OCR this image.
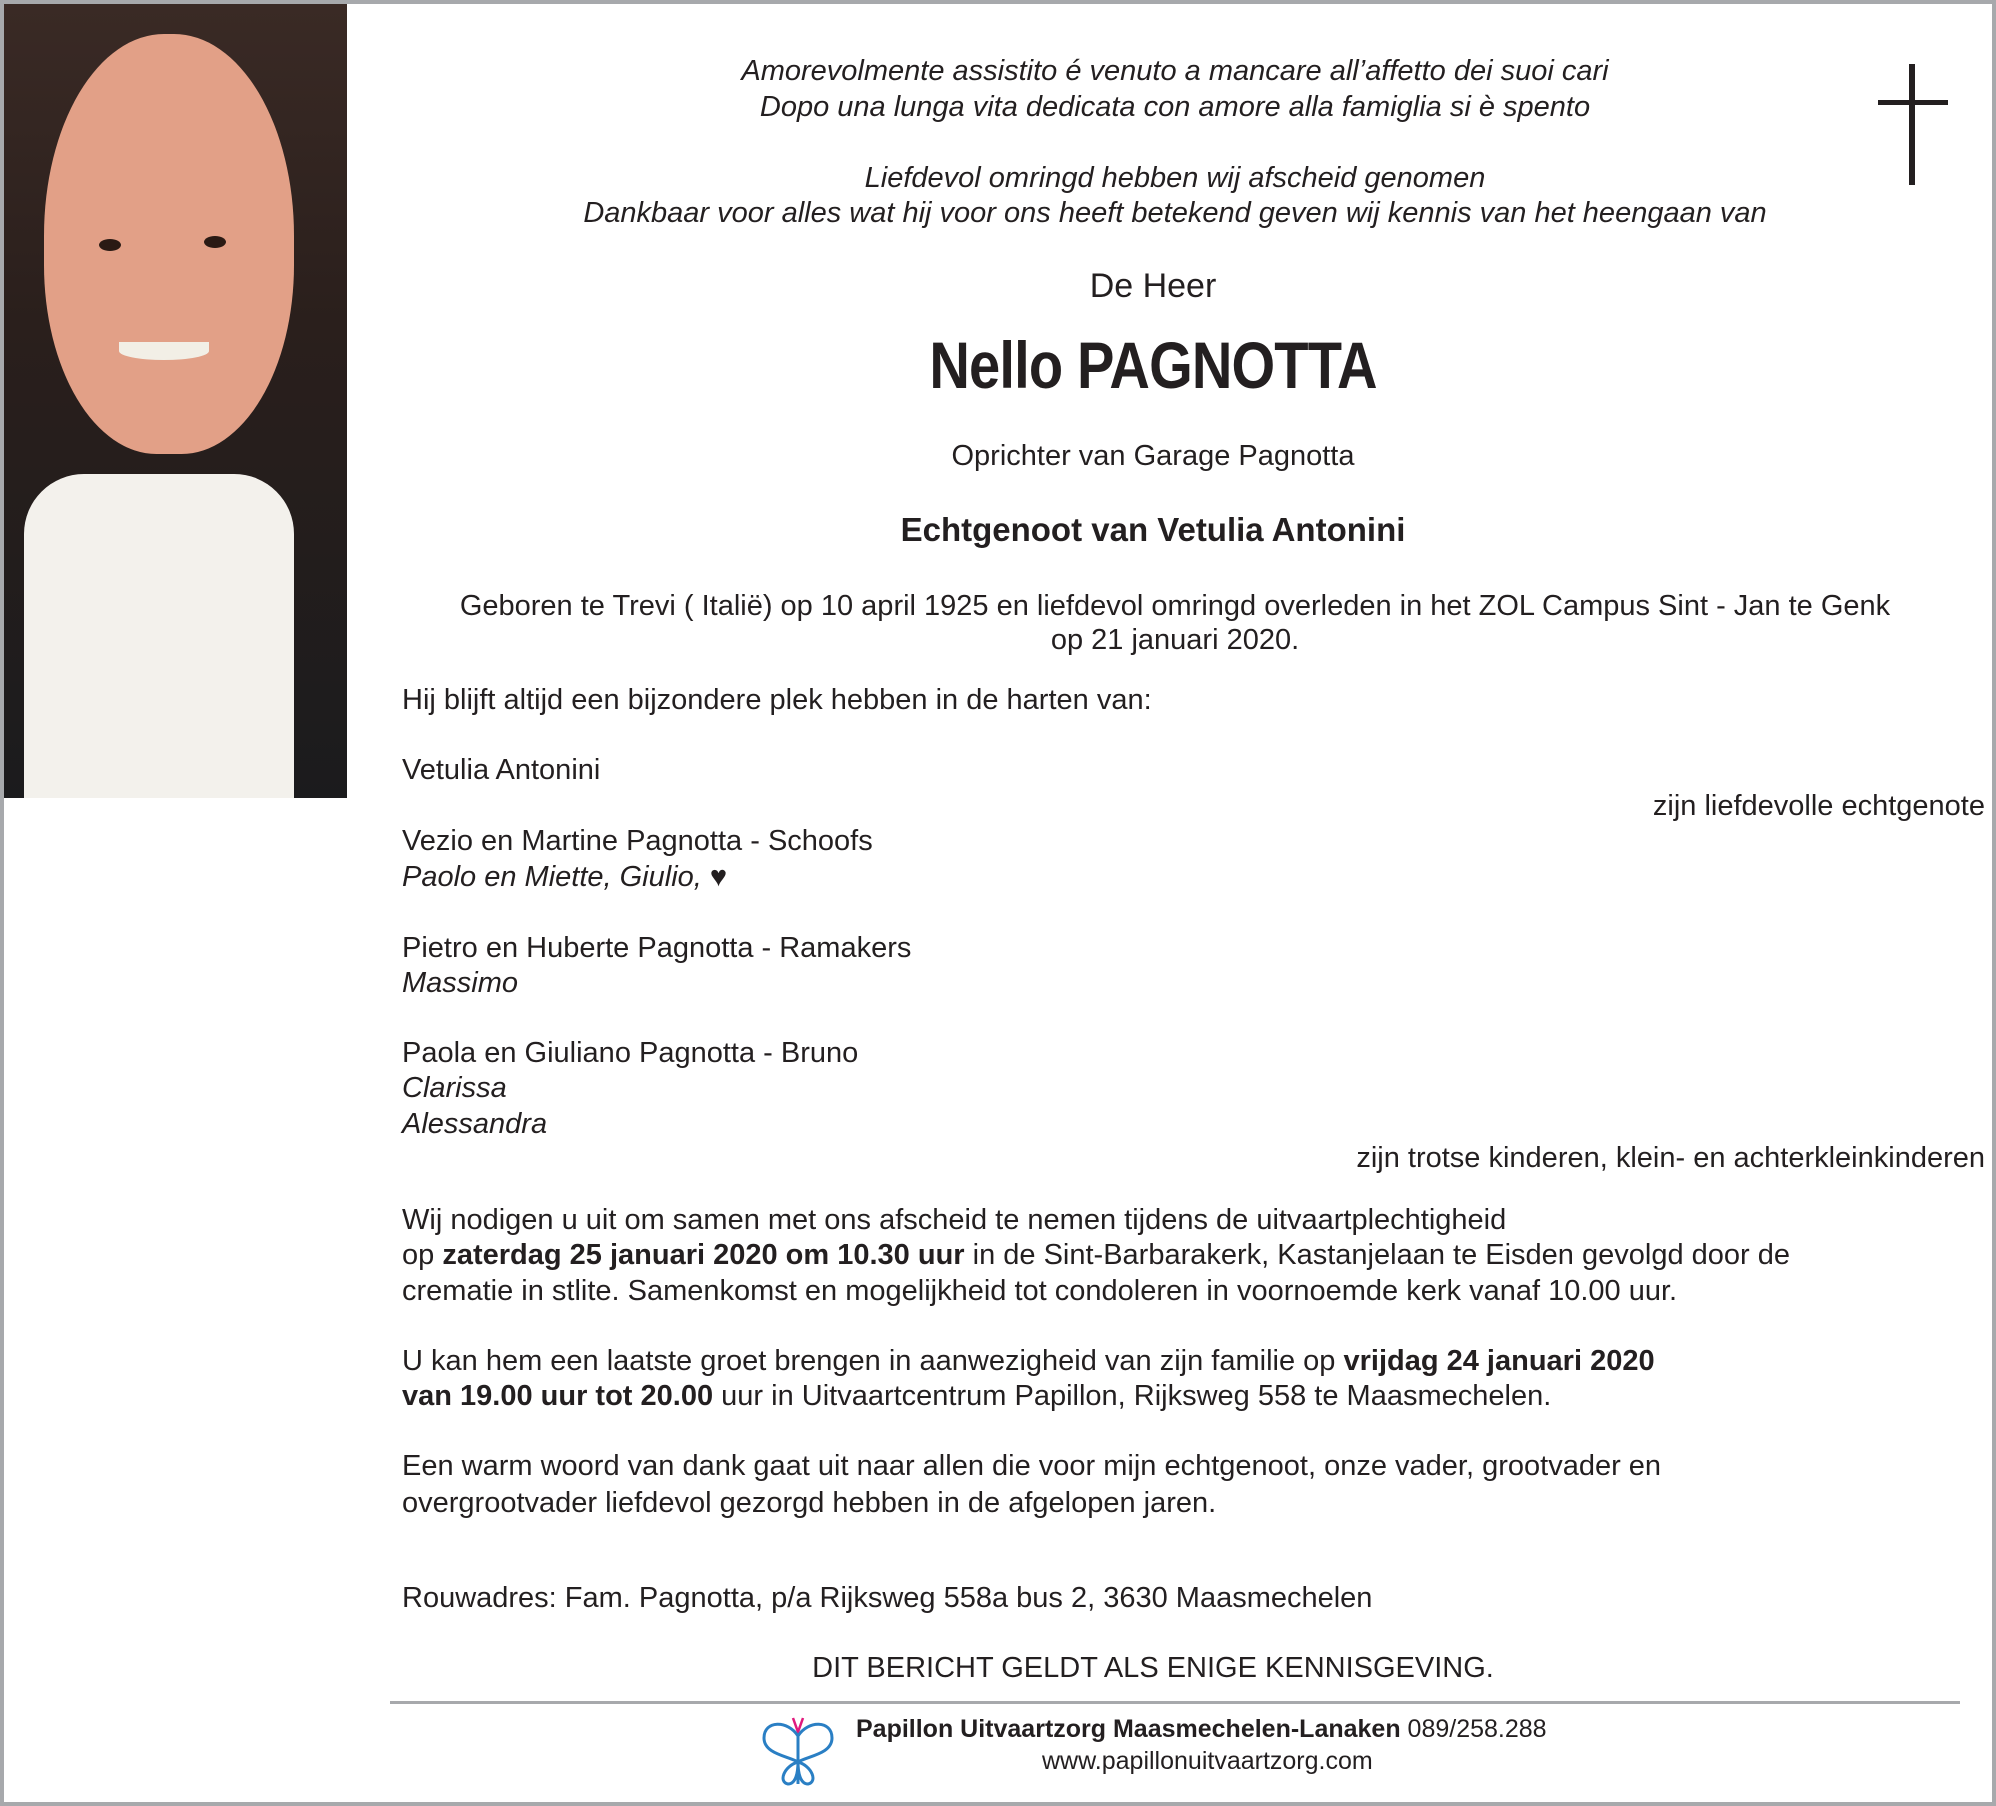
Amorevolmente assistito é venuto a mancare all’affetto dei suoi cari
Dopo una lunga vita dedicata con amore alla famiglia si è spento
Liefdevol omringd hebben wij afscheid genomen
Dankbaar voor alles wat hij voor ons heeft betekend geven wij kennis van het heengaan van
De Heer
Nello PAGNOTTA
Oprichter van Garage Pagnotta
Echtgenoot van Vetulia Antonini
Geboren te Trevi ( Italië) op 10 april 1925 en liefdevol omringd overleden in het ZOL Campus Sint - Jan te Genk
op 21 januari 2020.
Hij blijft altijd een bijzondere plek hebben in de harten van:
Vetulia Antonini
zijn liefdevolle echtgenote
Vezio en Martine Pagnotta - Schoofs
Paolo en Miette, Giulio, ♥
Pietro en Huberte Pagnotta - Ramakers
Massimo
Paola en Giuliano Pagnotta - Bruno
Clarissa
Alessandra
zijn trotse kinderen, klein- en achterkleinkinderen
Wij nodigen u uit om samen met ons afscheid te nemen tijdens de uitvaartplechtigheid
op zaterdag 25 januari 2020 om 10.30 uur in de Sint-Barbarakerk, Kastanjelaan te Eisden gevolgd door de
crematie in stlite. Samenkomst en mogelijkheid tot condoleren in voornoemde kerk vanaf 10.00 uur.
U kan hem een laatste groet brengen in aanwezigheid van zijn familie op vrijdag 24 januari 2020
van 19.00 uur tot 20.00 uur in Uitvaartcentrum Papillon, Rijksweg 558 te Maasmechelen.
Een warm woord van dank gaat uit naar allen die voor mijn echtgenoot, onze vader, grootvader en
overgrootvader liefdevol gezorgd hebben in de afgelopen jaren.
Rouwadres: Fam. Pagnotta, p/a Rijksweg 558a bus 2, 3630 Maasmechelen
DIT BERICHT GELDT ALS ENIGE KENNISGEVING.
Papillon Uitvaartzorg Maasmechelen-Lanaken 089/258.288
www.papillonuitvaartzorg.com
